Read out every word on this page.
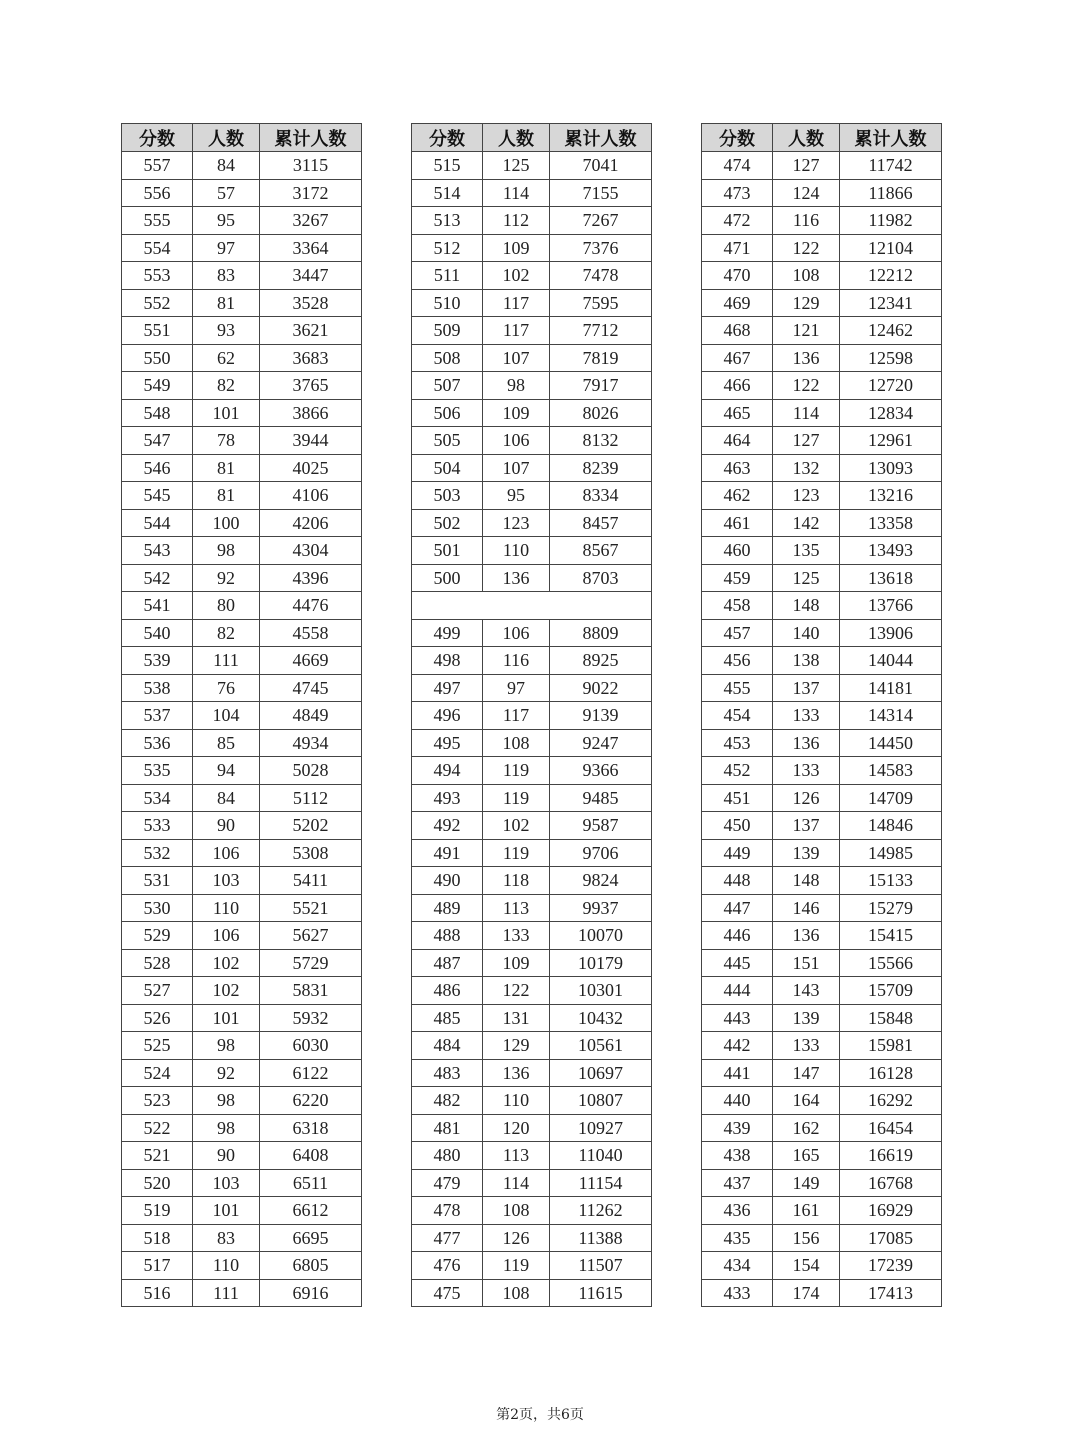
分数	人数	累计人数
557	84	3115
556	57	3172
555	95	3267
554	97	3364
553	83	3447
552	81	3528
551	93	3621
550	62	3683
549	82	3765
548	101	3866
547	78	3944
546	81	4025
545	81	4106
544	100	4206
543	98	4304
542	92	4396
541	80	4476
540	82	4558
539	111	4669
538	76	4745
537	104	4849
536	85	4934
535	94	5028
534	84	5112
533	90	5202
532	106	5308
531	103	5411
530	110	5521
529	106	5627
528	102	5729
527	102	5831
526	101	5932
525	98	6030
524	92	6122
523	98	6220
522	98	6318
521	90	6408
520	103	6511
519	101	6612
518	83	6695
517	110	6805
516	111	6916
分数	人数	累计人数
515	125	7041
514	114	7155
513	112	7267
512	109	7376
511	102	7478
510	117	7595
509	117	7712
508	107	7819
507	98	7917
506	109	8026
505	106	8132
504	107	8239
503	95	8334
502	123	8457
501	110	8567
500	136	8703

499	106	8809
498	116	8925
497	97	9022
496	117	9139
495	108	9247
494	119	9366
493	119	9485
492	102	9587
491	119	9706
490	118	9824
489	113	9937
488	133	10070
487	109	10179
486	122	10301
485	131	10432
484	129	10561
483	136	10697
482	110	10807
481	120	10927
480	113	11040
479	114	11154
478	108	11262
477	126	11388
476	119	11507
475	108	11615
分数	人数	累计人数
474	127	11742
473	124	11866
472	116	11982
471	122	12104
470	108	12212
469	129	12341
468	121	12462
467	136	12598
466	122	12720
465	114	12834
464	127	12961
463	132	13093
462	123	13216
461	142	13358
460	135	13493
459	125	13618
458	148	13766
457	140	13906
456	138	14044
455	137	14181
454	133	14314
453	136	14450
452	133	14583
451	126	14709
450	137	14846
449	139	14985
448	148	15133
447	146	15279
446	136	15415
445	151	15566
444	143	15709
443	139	15848
442	133	15981
441	147	16128
440	164	16292
439	162	16454
438	165	16619
437	149	16768
436	161	16929
435	156	17085
434	154	17239
433	174	17413
第2页，共6页
